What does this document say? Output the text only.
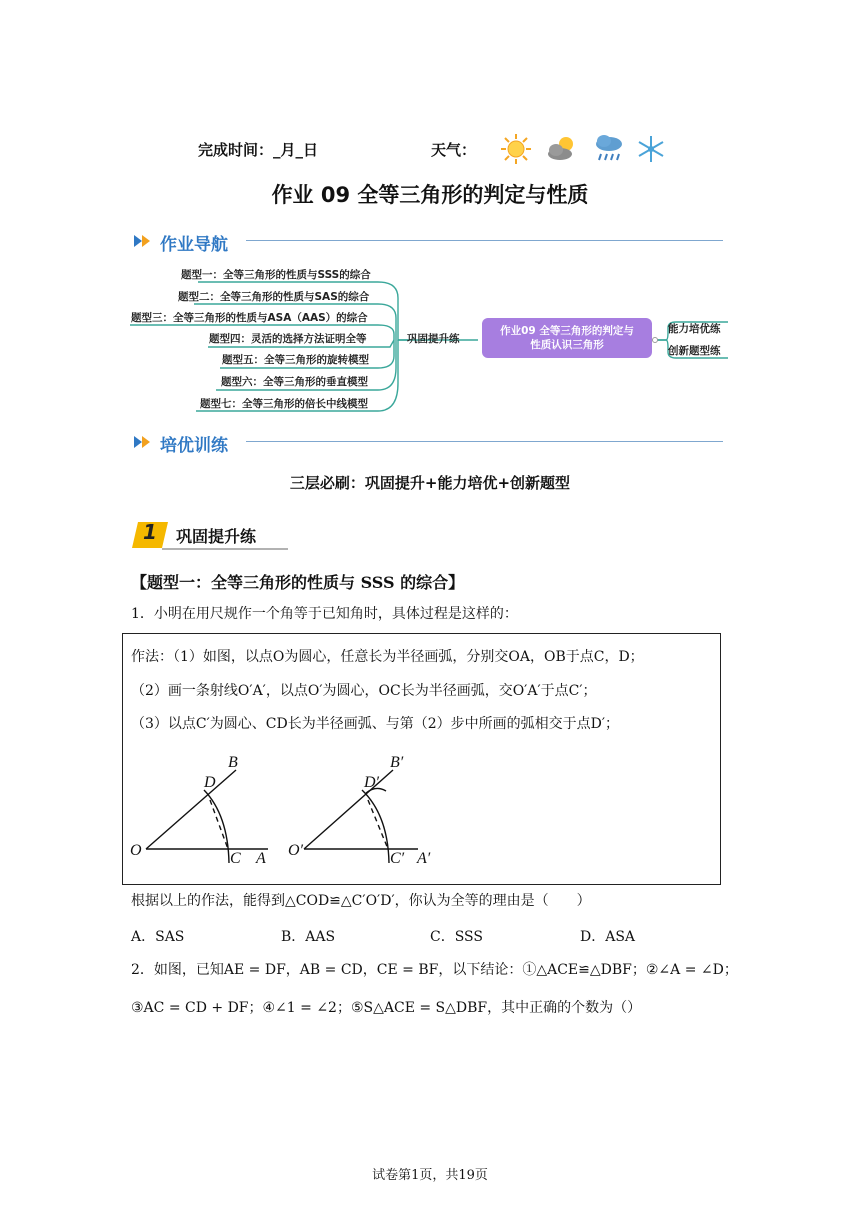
完成时间：_月_日	天气：
作业 09 全等三角形的判定与性质
作业导航
题型一：全等三角形的性质与SSS的综合
题型二：全等三角形的性质与SAS的综合
题型三：全等三角形的性质与ASA（AAS）的综合
题型四：灵活的选择方法证明全等
题型五：全等三角形的旋转模型
题型六：全等三角形的垂直模型
题型七：全等三角形的倍长中线模型
巩固提升练
作业09 全等三角形的判定与
性质认识三角形
能力培优练
创新题型练
培优训练
三层必刷：巩固提升+能力培优+创新题型
1 巩固提升练
【题型一：全等三角形的性质与 SSS 的综合】
1．小明在用尺规作一个角等于已知角时，具体过程是这样的：
作法：（1）如图，以点O为圆心，任意长为半径画弧，分别交OA，OB于点C，D；
（2）画一条射线O′A′，以点O′为圆心，OC长为半径画弧，交O′A′于点C′；
（3）以点C′为圆心、CD长为半径画弧、与第（2）步中所画的弧相交于点D′；
O	C A
D
B
O′	C′ A′
D′
B′
根据以上的作法，能得到△COD≌△C′O′D′，你认为全等的理由是（　　）
A．SAS	B．AAS	C．SSS	D．ASA
2．如图，已知AE = DF，AB = CD，CE = BF，以下结论：①△ACE≌△DBF；②∠A = ∠D；
③AC = CD + DF；④∠1 = ∠2；⑤S△ACE = S△DBF，其中正确的个数为（）
试卷第1页，共19页
